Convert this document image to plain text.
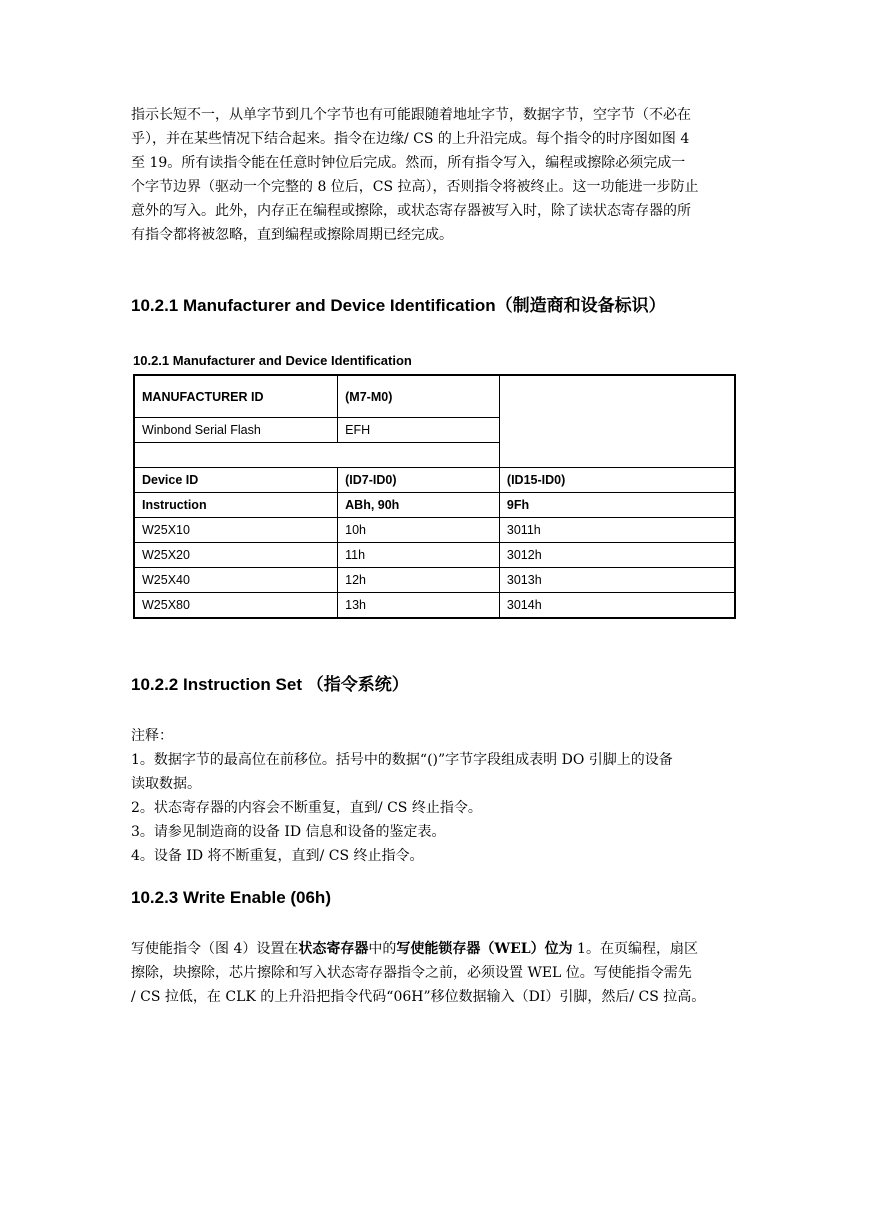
指示长短不一，从单字节到几个字节也有可能跟随着地址字节，数据字节，空字节（不必在

乎），并在某些情况下结合起来。指令在边缘/ CS 的上升沿完成。每个指令的时序图如图 4

至 19。所有读指令能在任意时钟位后完成。然而，所有指令写入，编程或擦除必须完成一

个字节边界（驱动一个完整的 8 位后，CS 拉高），否则指令将被终止。这一功能进一步防止

意外的写入。此外，内存正在编程或擦除，或状态寄存器被写入时，除了读状态寄存器的所

有指令都将被忽略，直到编程或擦除周期已经完成。

10.2.1 Manufacturer and Device Identification（制造商和设备标识）
10.2.1 Manufacturer and Device Identification
MANUFACTURER ID	(M7-M0)	
Winbond Serial Flash	EFH	

Device ID	(ID7-ID0)	(ID15-ID0)
Instruction	ABh, 90h	9Fh
W25X10	10h	3011h
W25X20	11h	3012h
W25X40	12h	3013h
W25X80	13h	3014h
10.2.2 Instruction Set （指令系统）

注释：

1。数据字节的最高位在前移位。括号中的数据“()”字节字段组成表明 DO 引脚上的设备

读取数据。

2。状态寄存器的内容会不断重复，直到/ CS 终止指令。

3。请参见制造商的设备 ID 信息和设备的鉴定表。

4。设备 ID 将不断重复，直到/ CS 终止指令。

10.2.3 Write Enable (06h)

写使能指令（图 4）设置在状态寄存器中的写使能锁存器（WEL）位为 1。在页编程，扇区

擦除，块擦除，芯片擦除和写入状态寄存器指令之前，必须设置 WEL 位。写使能指令需先

/ CS 拉低，在 CLK 的上升沿把指令代码“06H”移位数据输入（DI）引脚，然后/ CS 拉高。
